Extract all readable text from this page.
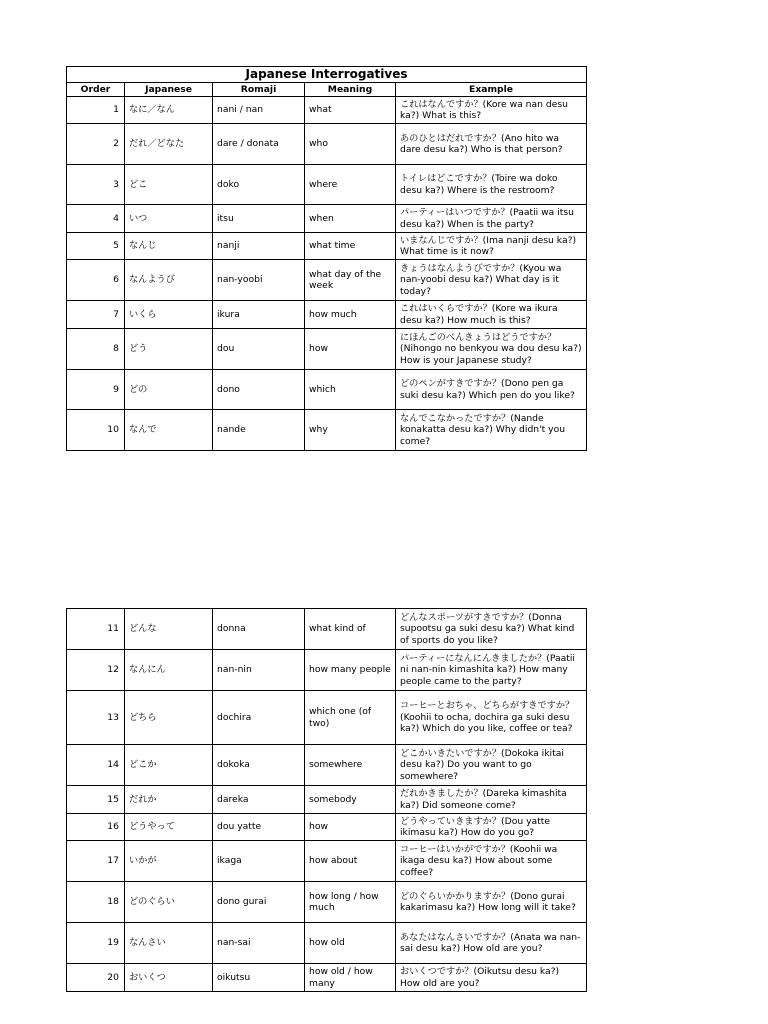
Japanese Interrogatives				
Order	Japanese	Romaji	Meaning	Example
1	なに／なん	nani / nan	what	これはなんですか？(Kore wa nan desu ka?) What is this?
2	だれ／どなた	dare / donata	who	あのひとはだれですか？(Ano hito wa dare desu ka?) Who is that person?
3	どこ	doko	where	トイレはどこですか？(Toire wa doko desu ka?) Where is the restroom?
4	いつ	itsu	when	パーティーはいつですか？(Paatii wa itsu desu ka?) When is the party?
5	なんじ	nanji	what time	いまなんじですか？(Ima nanji desu ka?) What time is it now?
6	なんようび	nan-yoobi	what day of the week	きょうはなんようびですか？(Kyou wa nan-yoobi desu ka?) What day is it today?
7	いくら	ikura	how much	これはいくらですか？(Kore wa ikura desu ka?) How much is this?
8	どう	dou	how	にほんごのべんきょうはどうですか？(Nihongo no benkyou wa dou desu ka?) How is your Japanese study?
9	どの	dono	which	どのペンがすきですか？(Dono pen ga suki desu ka?) Which pen do you like?
10	なんで	nande	why	なんでこなかったですか？(Nande konakatta desu ka?) Why didn't you come?
11	どんな	donna	what kind of	どんなスポーツがすきですか？(Donna supootsu ga suki desu ka?) What kind of sports do you like?
12	なんにん	nan-nin	how many people	パーティーになんにんきましたか？(Paatii ni nan-nin kimashita ka?) How many people came to the party?
13	どちら	dochira	which one (of two)	コーヒーとおちゃ、どちらがすきですか？(Koohii to ocha, dochira ga suki desu ka?) Which do you like, coffee or tea?
14	どこか	dokoka	somewhere	どこかいきたいですか？(Dokoka ikitai desu ka?) Do you want to go somewhere?
15	だれか	dareka	somebody	だれかきましたか？(Dareka kimashita ka?) Did someone come?
16	どうやって	dou yatte	how	どうやっていきますか？(Dou yatte ikimasu ka?) How do you go?
17	いかが	ikaga	how about	コーヒーはいかがですか？(Koohii wa ikaga desu ka?) How about some coffee?
18	どのぐらい	dono gurai	how long / how much	どのぐらいかかりますか？(Dono gurai kakarimasu ka?) How long will it take?
19	なんさい	nan-sai	how old	あなたはなんさいですか？(Anata wa nan-sai desu ka?) How old are you?
20	おいくつ	oikutsu	how old / how many	おいくつですか？(Oikutsu desu ka?) How old are you?
